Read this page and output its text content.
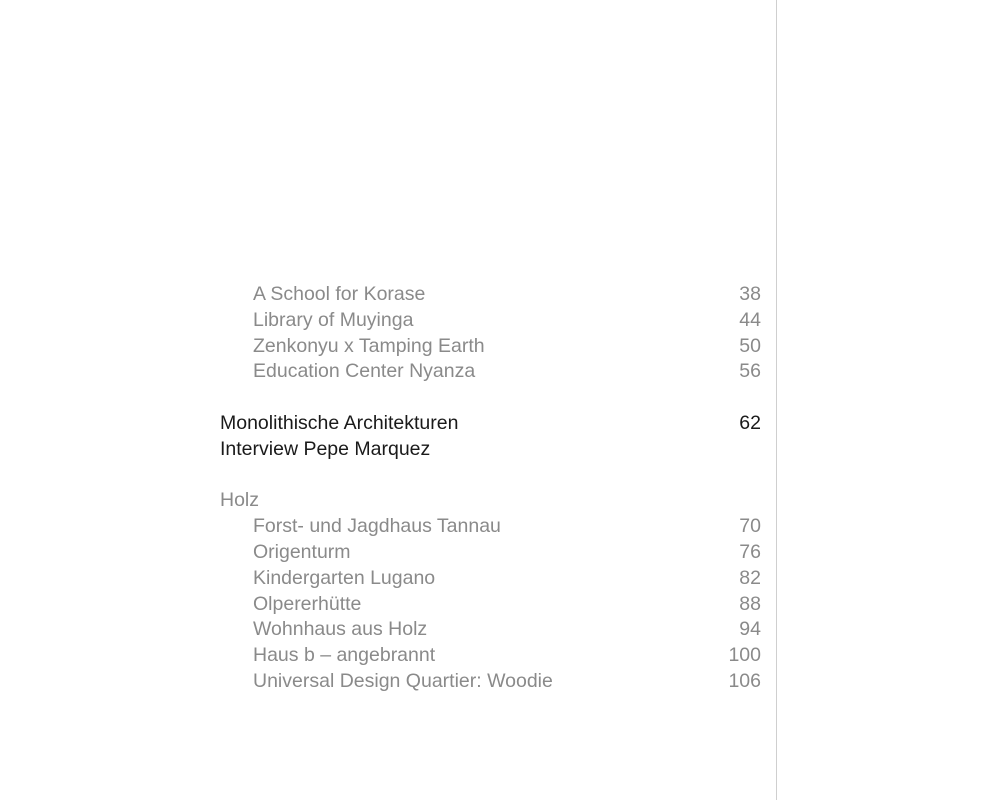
A School for Korase	38
Library of Muyinga	44
Zenkonyu x Tamping Earth	50
Education Center Nyanza	56
Monolithische Architekturen	62
Interview Pepe Marquez
Holz
Forst- und Jagdhaus Tannau	70
Origenturm	76
Kindergarten Lugano	82
Olpererhütte	88
Wohnhaus aus Holz	94
Haus b – angebrannt	100
Universal Design Quartier: Woodie	106
